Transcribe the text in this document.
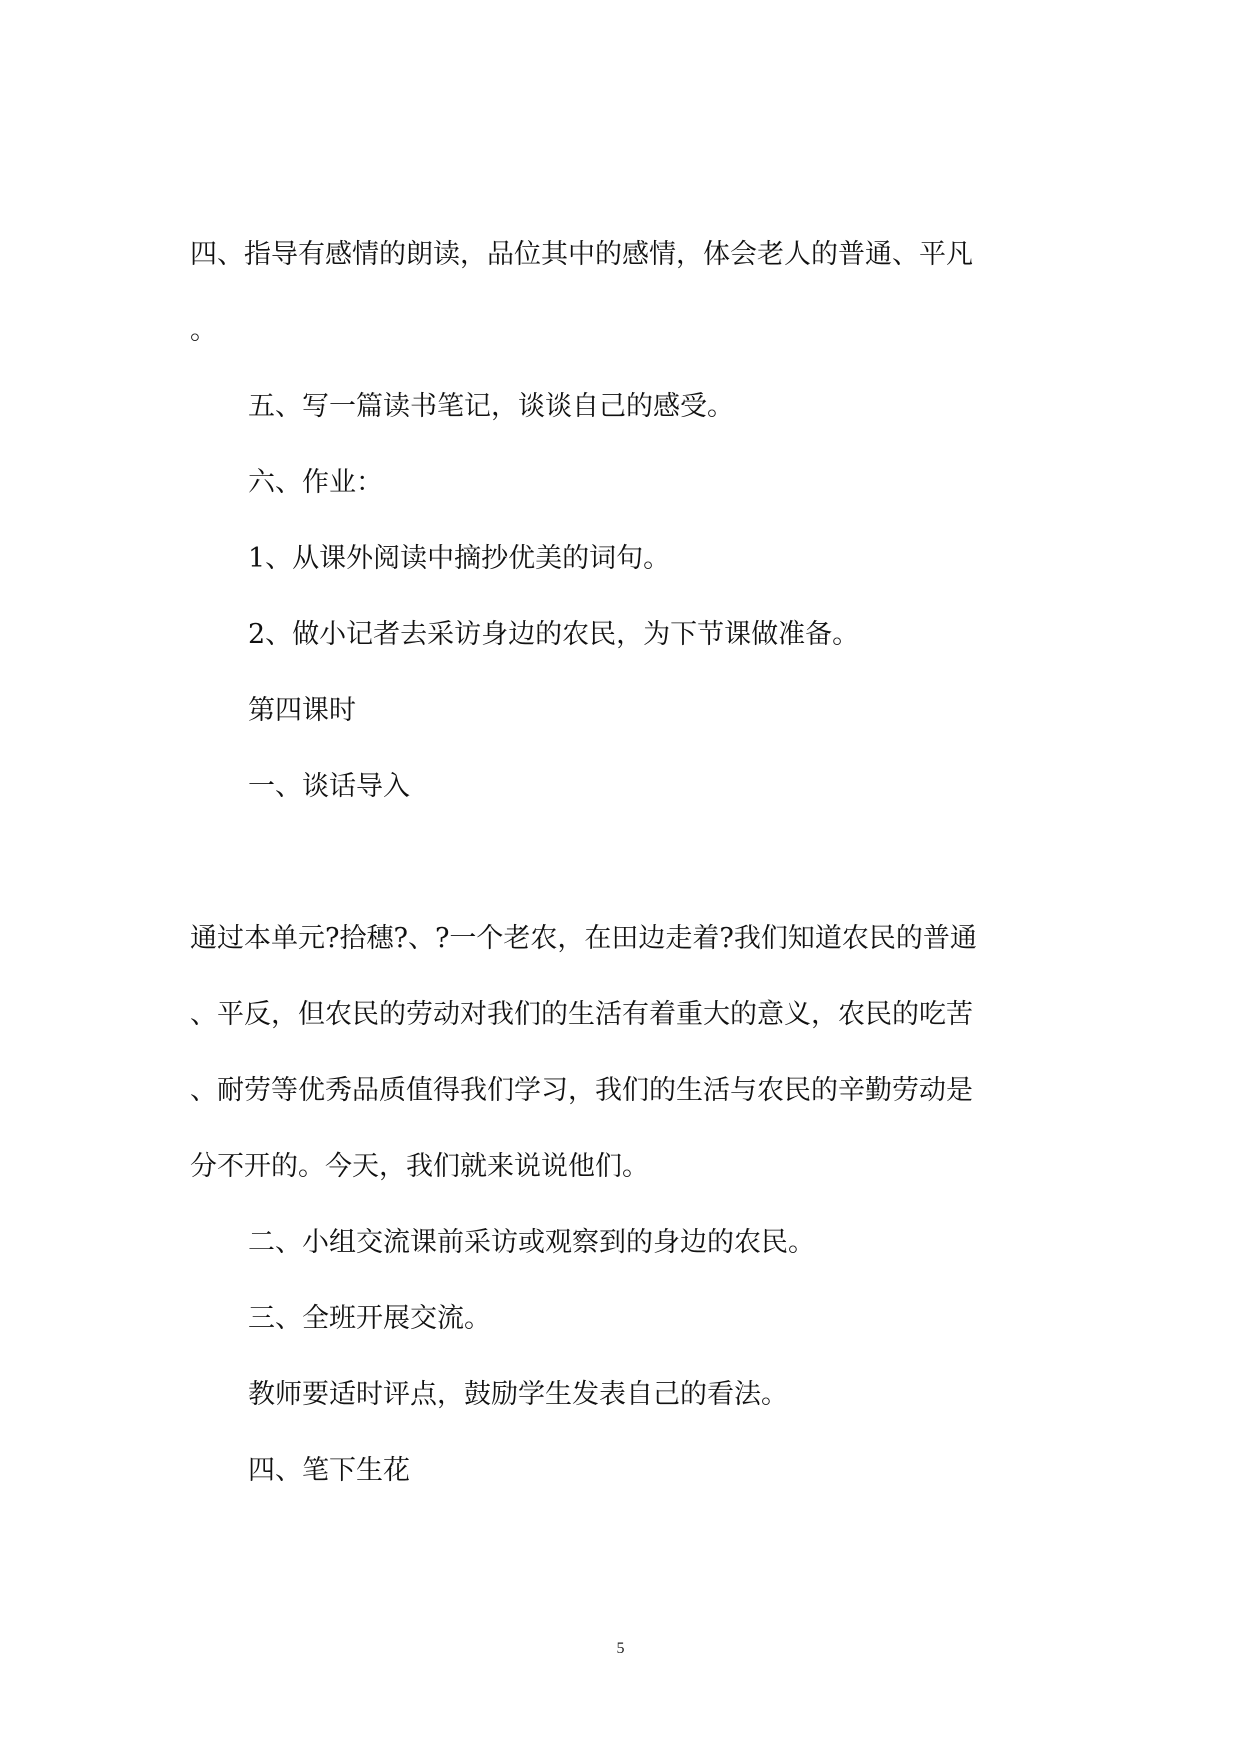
四、指导有感情的朗读，品位其中的感情，体会老人的普通、平凡
。
五、写一篇读书笔记，谈谈自己的感受。
六、作业：
1、从课外阅读中摘抄优美的词句。
2、做小记者去采访身边的农民，为下节课做准备。
第四课时
一、谈话导入
通过本单元?拾穗?、?一个老农，在田边走着?我们知道农民的普通
、平反，但农民的劳动对我们的生活有着重大的意义，农民的吃苦
、耐劳等优秀品质值得我们学习，我们的生活与农民的辛勤劳动是
分不开的。今天，我们就来说说他们。
二、小组交流课前采访或观察到的身边的农民。
三、全班开展交流。
教师要适时评点，鼓励学生发表自己的看法。
四、笔下生花
5
